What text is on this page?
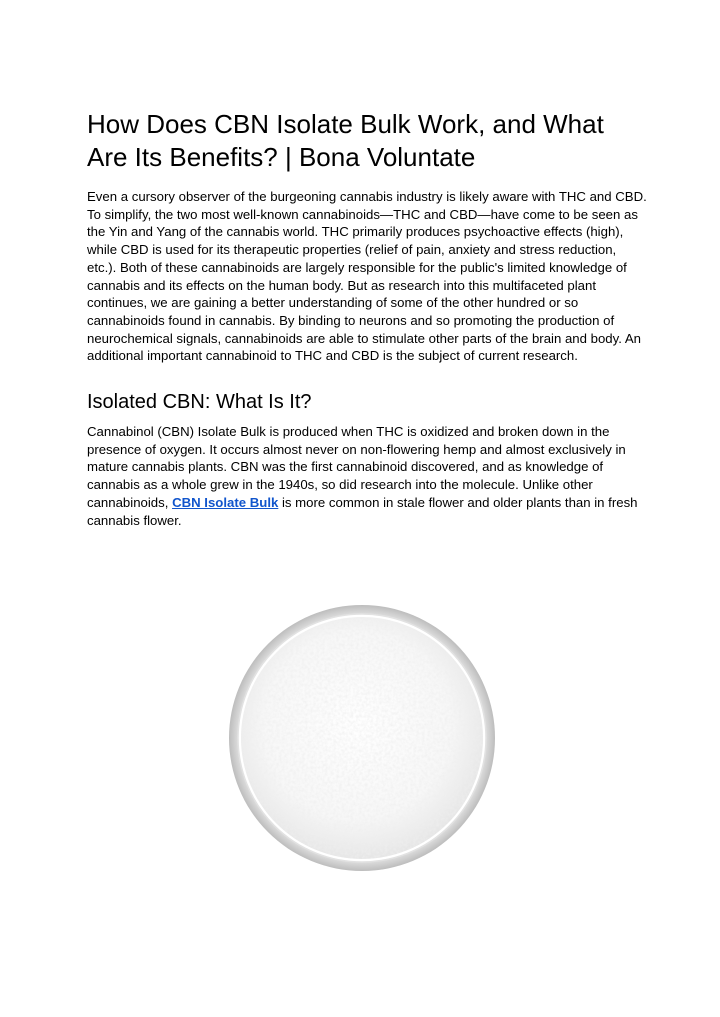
How Does CBN Isolate Bulk Work, and What Are Its Benefits? | Bona Voluntate

Even a cursory observer of the burgeoning cannabis industry is likely aware with THC and CBD. To simplify, the two most well-known cannabinoids—THC and CBD—have come to be seen as the Yin and Yang of the cannabis world. THC primarily produces psychoactive effects (high), while CBD is used for its therapeutic properties (relief of pain, anxiety and stress reduction, etc.). Both of these cannabinoids are largely responsible for the public's limited knowledge of cannabis and its effects on the human body. But as research into this multifaceted plant continues, we are gaining a better understanding of some of the other hundred or so cannabinoids found in cannabis. By binding to neurons and so promoting the production of neurochemical signals, cannabinoids are able to stimulate other parts of the brain and body. An additional important cannabinoid to THC and CBD is the subject of current research.

Isolated CBN: What Is It?

Cannabinol (CBN) Isolate Bulk is produced when THC is oxidized and broken down in the presence of oxygen. It occurs almost never on non-flowering hemp and almost exclusively in mature cannabis plants. CBN was the first cannabinoid discovered, and as knowledge of cannabis as a whole grew in the 1940s, so did research into the molecule. Unlike other cannabinoids, CBN Isolate Bulk is more common in stale flower and older plants than in fresh cannabis flower.
